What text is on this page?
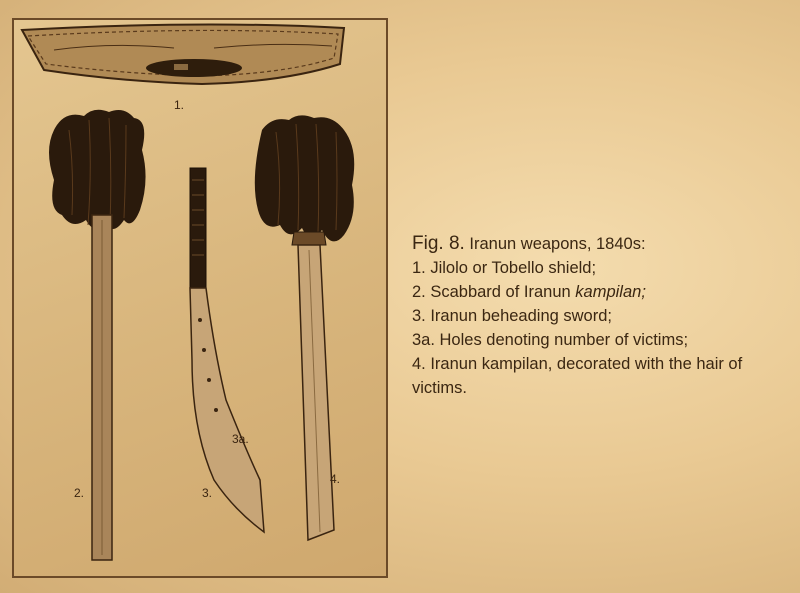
1.
2.	3.
3a.
4.
Fig. 8. Iranun weapons, 1840s:
1. Jilolo or Tobello shield;
2. Scabbard of Iranun kampilan;
3. Iranun beheading sword;
3a. Holes denoting number of victims;
4. Iranun kampilan, decorated with the hair of victims.
